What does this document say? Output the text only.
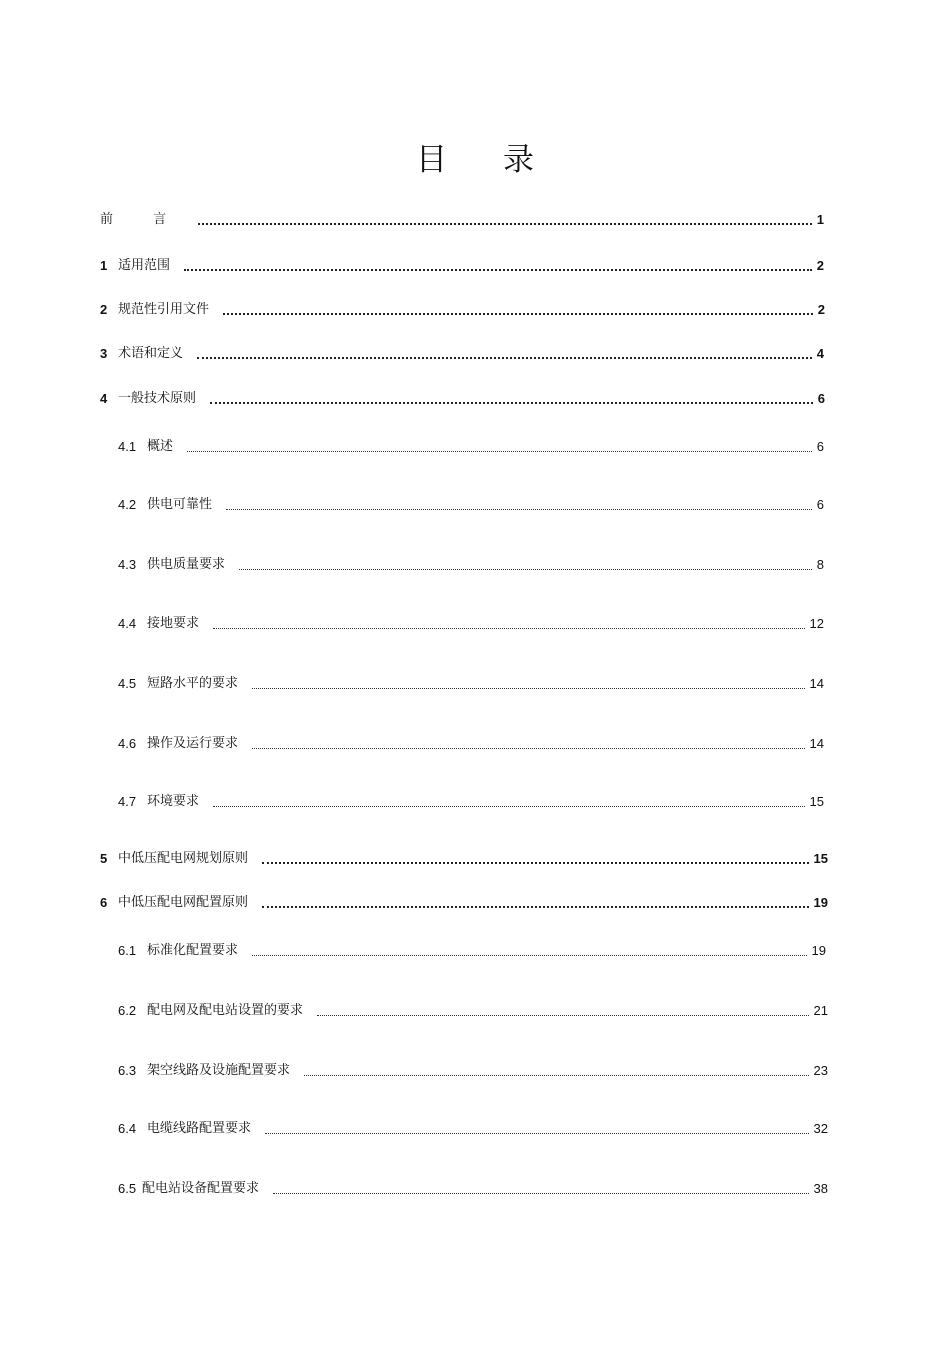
目 录
前 言	1
1 适用范围	2
2 规范性引用文件	2
3 术语和定义	4
4 一般技术原则	6
4.1 概述	6
4.2 供电可靠性	6
4.3 供电质量要求	8
4.4 接地要求	12
4.5 短路水平的要求	14
4.6 操作及运行要求	14
4.7 环境要求	15
5 中低压配电网规划原则	15
6 中低压配电网配置原则	19
6.1 标准化配置要求	19
6.2 配电网及配电站设置的要求	21
6.3 架空线路及设施配置要求	23
6.4 电缆线路配置要求	32
6.5 配电站设备配置要求	38
